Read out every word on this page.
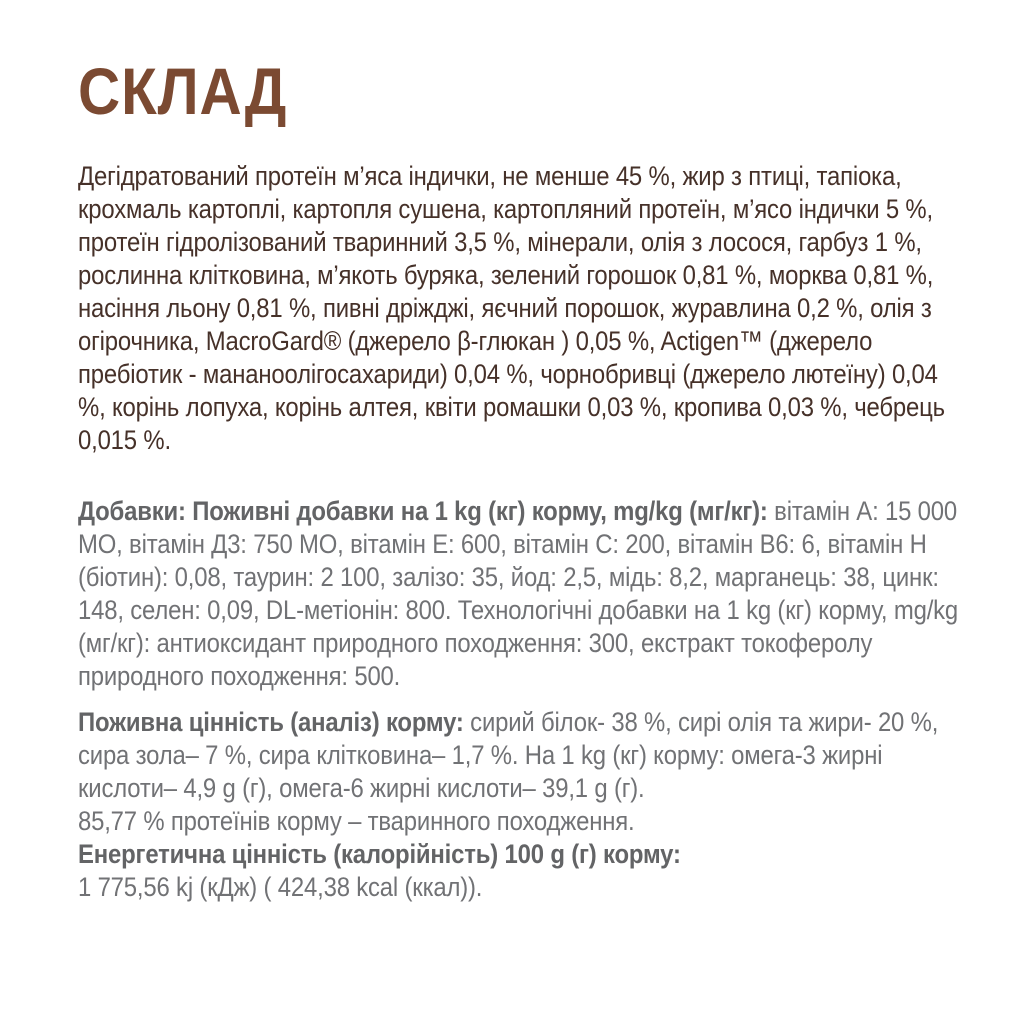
СКЛАД

Дегідратований протеїн м’яса індички, не менше 45 %, жир з птиці, тапіока, крохмаль картоплі, картопля сушена, картопляний протеїн, м’ясо індички 5 %, протеїн гідролізований тваринний 3,5 %, мінерали, олія з лосося, гарбуз 1 %, рослинна клітковина, м’якоть буряка, зелений горошок 0,81 %, морква 0,81 %, насіння льону 0,81 %, пивні дріжджі, яєчний порошок, журавлина 0,2 %, олія з огірочника, MacroGard® (джерело β-глюкан ) 0,05 %, Actigen™ (джерело пребіотик - мананоолігосахариди) 0,04 %, чорнобривці (джерело лютеїну) 0,04 %, корінь лопуха, корінь алтея, квіти ромашки 0,03 %, кропива 0,03 %, чебрець 0,015 %.

Добавки: Поживні добавки на 1 kg (кг) корму, mg/kg (мг/кг): вітамін А: 15 000 МО, вітамін Д3: 750 МО, вітамін Е: 600, вітамін С: 200, вітамін В6: 6, вітамін Н (біотин): 0,08, таурин: 2 100, залізо: 35, йод: 2,5, мідь: 8,2, марганець: 38, цинк: 148, селен: 0,09, DL-метіонін: 800. Технологічні добавки на 1 kg (кг) корму, mg/kg (мг/кг): антиоксидант природного походження: 300, екстракт токоферолу природного походження: 500.

Поживна цінність (аналіз) корму: сирий білок- 38 %, сирі олія та жири- 20 %, сира зола– 7 %, сира клітковина– 1,7 %. На 1 kg (кг) корму: омега-3 жирні кислоти– 4,9 g (г), омега-6 жирні кислоти– 39,1 g (г).

85,77 % протеїнів корму – тваринного походження.

Енергетична цінність (калорійність) 100 g (г) корму:

1 775,56 kj (кДж) ( 424,38 kcal (ккал)).
